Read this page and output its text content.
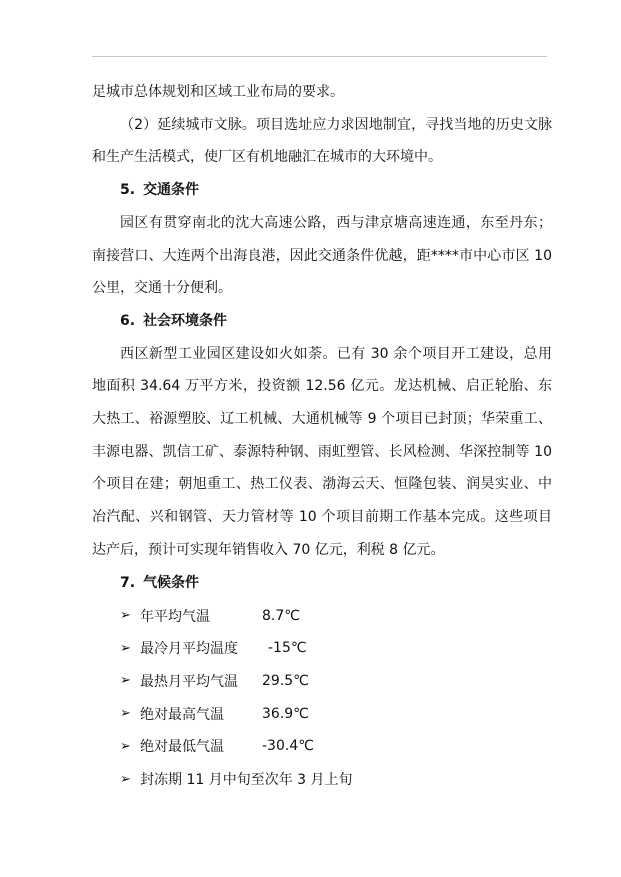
足城市总体规划和区域工业布局的要求。

（2）延续城市文脉。项目选址应力求因地制宜，寻找当地的历史文脉和生产生活模式，使厂区有机地融汇在城市的大环境中。

5. 交通条件

园区有贯穿南北的沈大高速公路，西与津京塘高速连通，东至丹东；南接营口、大连两个出海良港，因此交通条件优越，距****市中心市区 10 公里，交通十分便利。

6. 社会环境条件

西区新型工业园区建设如火如荼。已有 30 余个项目开工建设，总用地面积 34.64 万平方米，投资额 12.56 亿元。龙达机械、启正轮胎、东大热工、裕源塑胶、辽工机械、大通机械等 9 个项目已封顶；华荣重工、丰源电器、凯信工矿、泰源特种钢、雨虹塑管、长风检测、华深控制等 10 个项目在建；朝旭重工、热工仪表、渤海云天、恒隆包装、润昊实业、中冶汽配、兴和钢管、天力管材等 10 个项目前期工作基本完成。这些项目达产后，预计可实现年销售收入 70 亿元，利税 8 亿元。

7. 气候条件
➢ 年平均气温	8.7℃
➢ 最冷月平均温度	-15℃
➢ 最热月平均气温	29.5℃
➢ 绝对最高气温	36.9℃
➢ 绝对最低气温	-30.4℃
➢ 封冻期 11 月中旬至次年 3 月上旬
